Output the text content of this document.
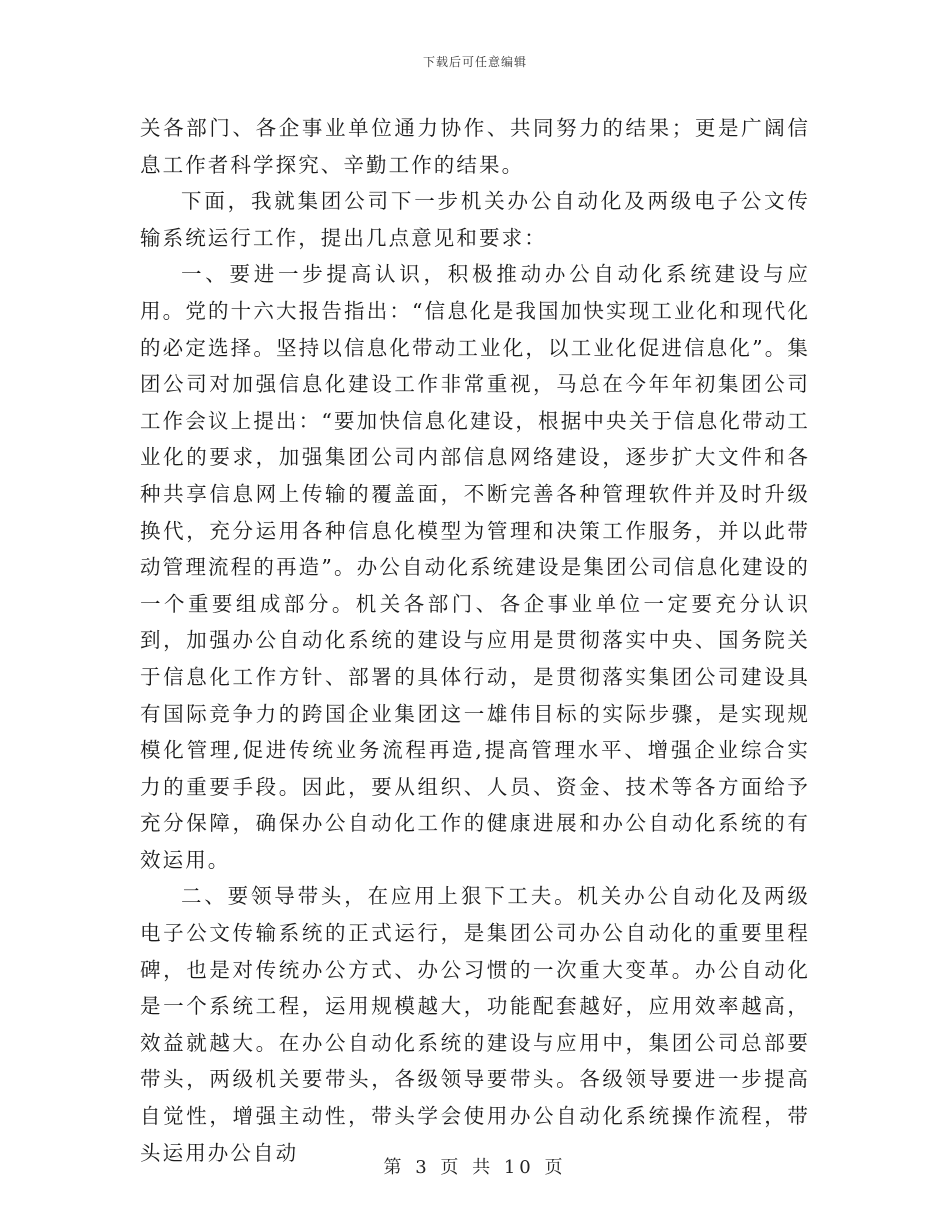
下载后可任意编辑

关各部门、各企事业单位通力协作、共同努力的结果；更是广阔信息工作者科学探究、辛勤工作的结果。

下面，我就集团公司下一步机关办公自动化及两级电子公文传输系统运行工作，提出几点意见和要求：

一、要进一步提高认识，积极推动办公自动化系统建设与应用。党的十六大报告指出：“信息化是我国加快实现工业化和现代化的必定选择。坚持以信息化带动工业化，以工业化促进信息化”。集团公司对加强信息化建设工作非常重视，马总在今年年初集团公司工作会议上提出：“要加快信息化建设，根据中央关于信息化带动工业化的要求，加强集团公司内部信息网络建设，逐步扩大文件和各种共享信息网上传输的覆盖面，不断完善各种管理软件并及时升级换代，充分运用各种信息化模型为管理和决策工作服务，并以此带动管理流程的再造”。办公自动化系统建设是集团公司信息化建设的一个重要组成部分。机关各部门、各企事业单位一定要充分认识到，加强办公自动化系统的建设与应用是贯彻落实中央、国务院关于信息化工作方针、部署的具体行动，是贯彻落实集团公司建设具有国际竞争力的跨国企业集团这一雄伟目标的实际步骤，是实现规模化管理,促进传统业务流程再造,提高管理水平、增强企业综合实力的重要手段。因此，要从组织、人员、资金、技术等各方面给予充分保障，确保办公自动化工作的健康进展和办公自动化系统的有效运用。

二、要领导带头，在应用上狠下工夫。机关办公自动化及两级电子公文传输系统的正式运行，是集团公司办公自动化的重要里程碑，也是对传统办公方式、办公习惯的一次重大变革。办公自动化是一个系统工程，运用规模越大，功能配套越好，应用效率越高，效益就越大。在办公自动化系统的建设与应用中，集团公司总部要带头，两级机关要带头，各级领导要带头。各级领导要进一步提高自觉性，增强主动性，带头学会使用办公自动化系统操作流程，带头运用办公自动

第 3 页 共 10 页
